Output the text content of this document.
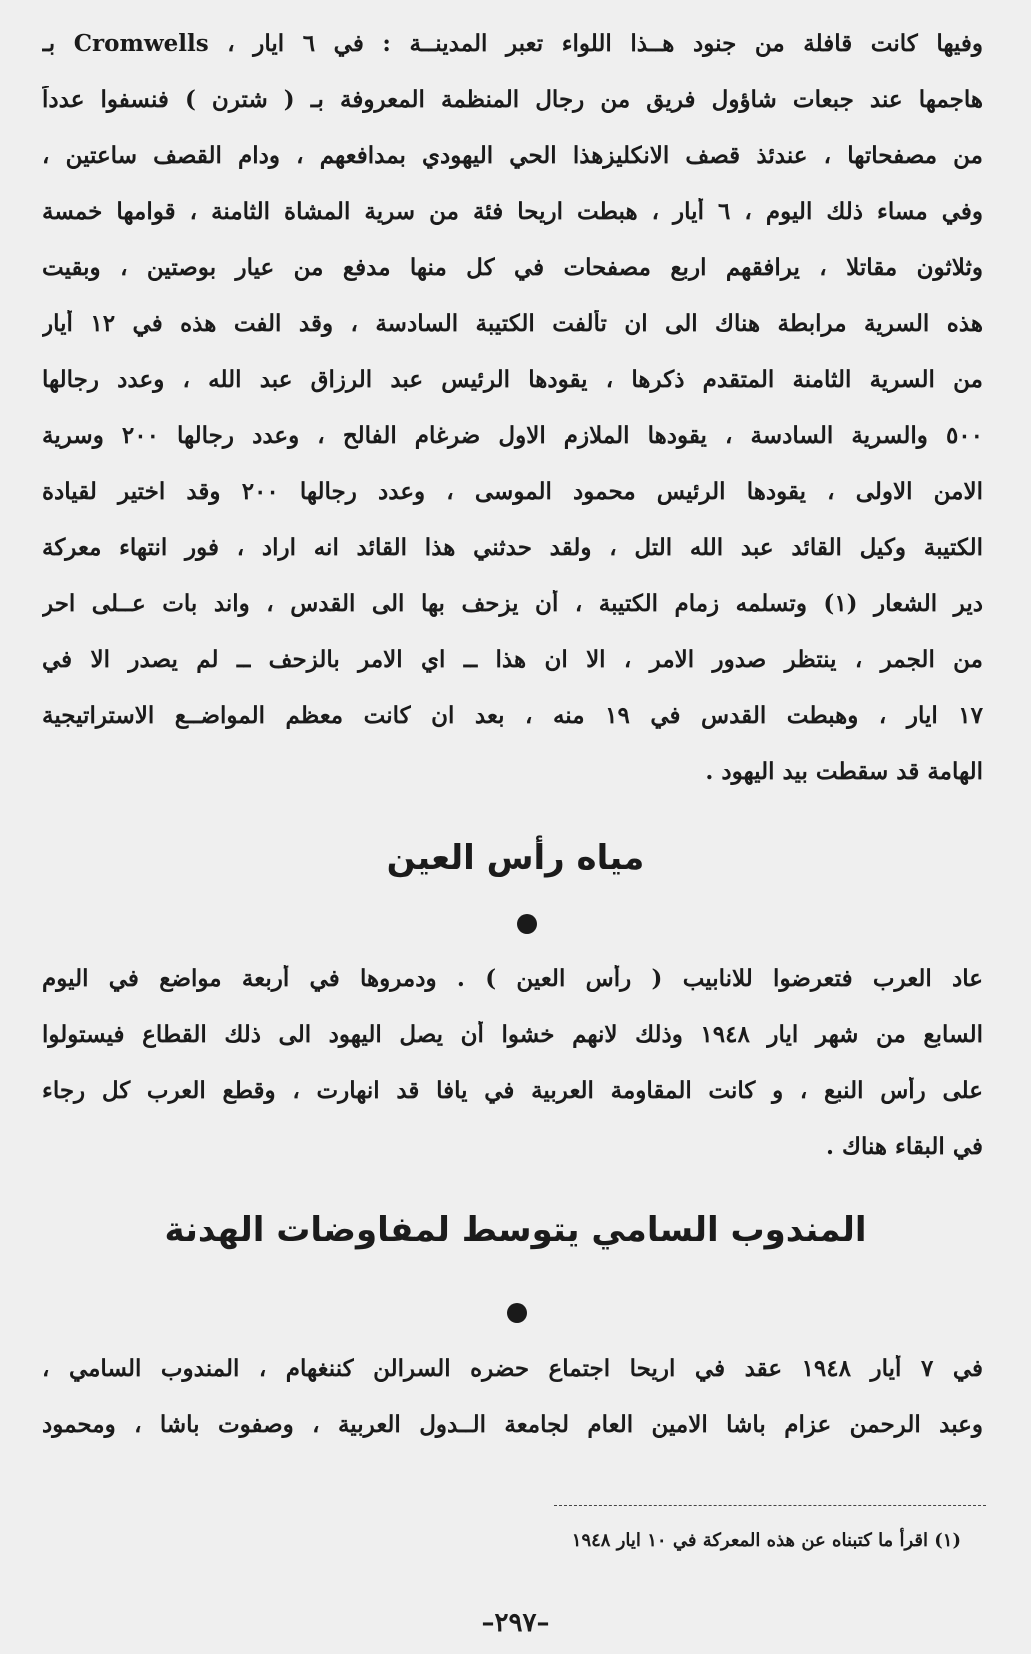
وفيها كانت قافلة من جنود هــذا اللواء تعبر المدينــة : في ٦ ايار ، Cromwells بـ
هاجمها عند جبعات شاؤول فريق من رجال المنظمة المعروفة بـ ( شترن ) فنسفوا عدداً
من مصفحاتها ، عندئذ قصف الانكليزهذا الحي اليهودي بمدافعهم ، ودام القصف ساعتين ،
وفي مساء ذلك اليوم ، ٦ أيار ، هبطت اريحا فئة من سرية المشاة الثامنة ، قوامها خمسة
وثلاثون مقاتلا ، يرافقهم اربع مصفحات في كل منها مدفع من عيار بوصتين ، وبقيت
هذه السرية مرابطة هناك الى ان تألفت الكتيبة السادسة ، وقد الفت هذه في ١٢ أيار
من السرية الثامنة المتقدم ذكرها ، يقودها الرئيس عبد الرزاق عبد الله ، وعدد رجالها
٥٠٠ والسرية السادسة ، يقودها الملازم الاول ضرغام الفالح ، وعدد رجالها ٢٠٠ وسرية
الامن الاولى ، يقودها الرئيس محمود الموسى ، وعدد رجالها ٢٠٠ وقد اختير لقيادة
الكتيبة وكيل القائد عبد الله التل ، ولقد حدثني هذا القائد انه اراد ، فور انتهاء معركة
دير الشعار (١) وتسلمه زمام الكتيبة ، أن يزحف بها الى القدس ، واند بات عــلى احر
من الجمر ، ينتظر صدور الامر ، الا ان هذا ــ اي الامر بالزحف ــ لم يصدر الا في
١٧ ايار ، وهبطت القدس في ١٩ منه ، بعد ان كانت معظم المواضــع الاستراتيجية
الهامة قد سقطت بيد اليهود .
مياه رأس العين
عاد العرب فتعرضوا للانابيب ( رأس العين ) . ودمروها في أربعة مواضع في اليوم
السابع من شهر ايار ١٩٤٨ وذلك لانهم خشوا أن يصل اليهود الى ذلك القطاع فيستولوا
على رأس النبع ، و كانت المقاومة العربية في يافا قد انهارت ، وقطع العرب كل رجاء
في البقاء هناك .
المندوب السامي يتوسط لمفاوضات الهدنة
في ٧ أيار ١٩٤٨ عقد في اريحا اجتماع حضره السرالن كننغهام ، المندوب السامي ،
وعبد الرحمن عزام باشا الامين العام لجامعة الــدول العربية ، وصفوت باشا ، ومحمود
(١) اقرأ ما كتبناه عن هذه المعركة في ١٠ ايار ١٩٤٨
–٢٩٧–
